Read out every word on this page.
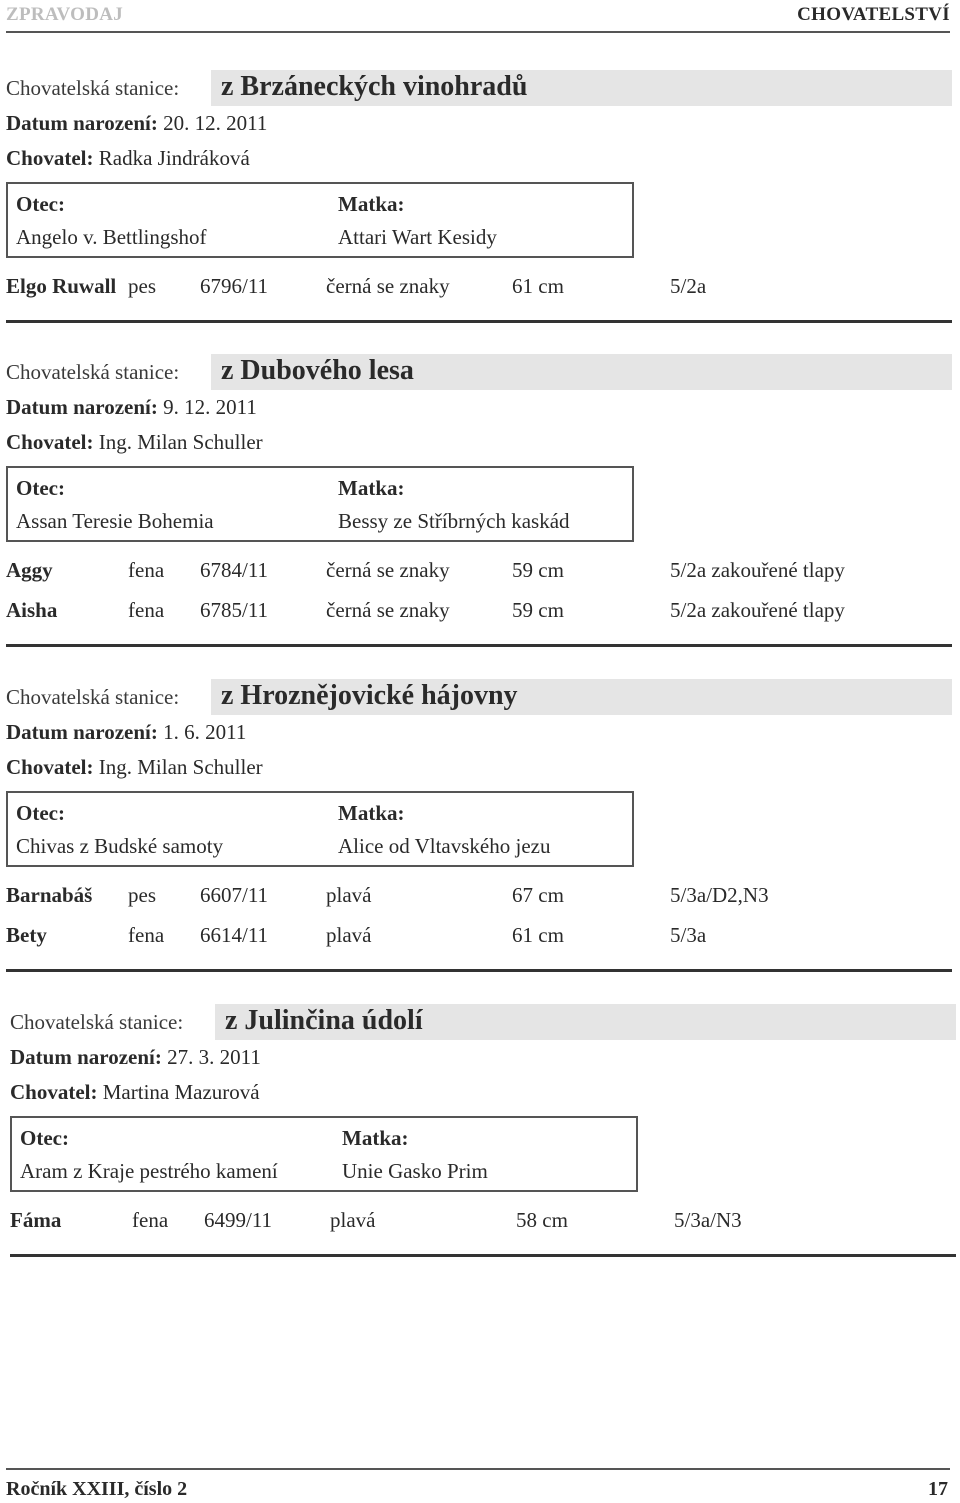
ZPRAVODAJ	CHOVATELSTVÍ
Chovatelská stanice: z Brzáneckých vinohradů
Datum narození: 20. 12. 2011
Chovatel: Radka Jindráková
Otec:
Angelo v. Bettlingshof
Matka:
Attari Wart Kesidy
Elgo Ruwall pes 6796/11	černá se znaky	61 cm	5/2a
Chovatelská stanice: z Dubového lesa
Datum narození: 9. 12. 2011
Chovatel: Ing. Milan Schuller
Otec:
Assan Teresie Bohemia
Matka:
Bessy ze Stříbrných kaskád
Aggy	fena 6784/11	černá se znaky	59 cm	5/2a zakouřené tlapy
Aisha	fena 6785/11	černá se znaky	59 cm	5/2a zakouřené tlapy
Chovatelská stanice: z Hroznějovické hájovny
Datum narození: 1. 6. 2011
Chovatel: Ing. Milan Schuller
Otec:
Chivas z Budské samoty
Matka:
Alice od Vltavského jezu
Barnabáš pes 6607/11	plavá	67 cm	5/3a/D2,N3
Bety	fena 6614/11	plavá	61 cm	5/3a
Chovatelská stanice: z Julinčina údolí
Datum narození: 27. 3. 2011
Chovatel: Martina Mazurová
Otec:
Aram z Kraje pestrého kamení
Matka:
Unie Gasko Prim
Fáma	fena 6499/11	plavá	58 cm	5/3a/N3
Ročník XXIII, číslo 2	17
